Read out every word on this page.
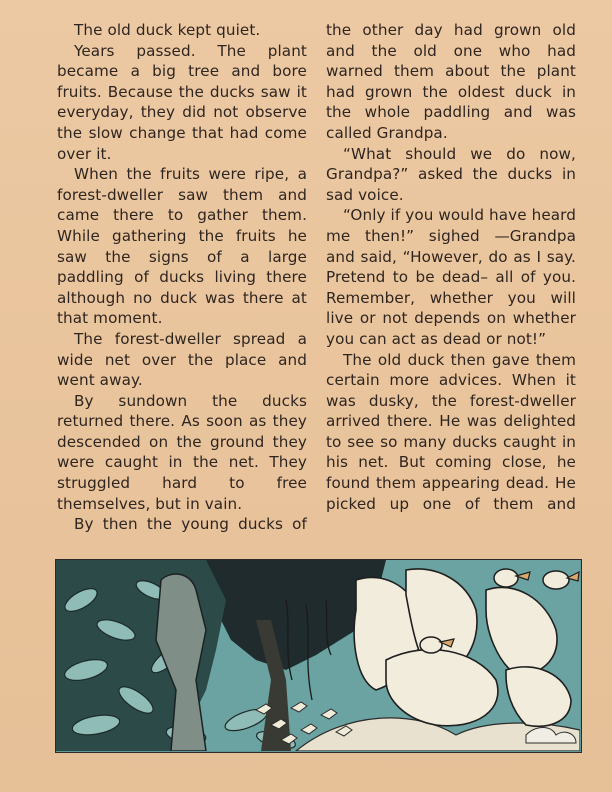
The old duck kept quiet.

Years passed. The plant became a big tree and bore fruits. Because the ducks saw it everyday, they did not observe the slow change that had come over it.

When the fruits were ripe, a forest-dweller saw them and came there to gather them. While gathering the fruits he saw the signs of a large paddling of ducks living there although no duck was there at that moment.

The forest-dweller spread a wide net over the place and went away.

By sundown the ducks returned there. As soon as they descended on the ground they were caught in the net. They struggled hard to free themselves, but in vain.

By then the young ducks of

the other day had grown old and the old one who had warned them about the plant had grown the oldest duck in the whole paddling and was called Grandpa.

“What should we do now, Grandpa?” asked the ducks in sad voice.

“Only if you would have heard me then!” sighed —Grandpa and said, “However, do as I say. Pretend to be dead– all of you. Remember, whether you will live or not depends on whether you can act as dead or not!”

The old duck then gave them certain more advices. When it was dusky, the forest-dweller arrived there. He was delighted to see so many ducks caught in his net. But coming close, he found them appearing dead. He picked up one of them and
